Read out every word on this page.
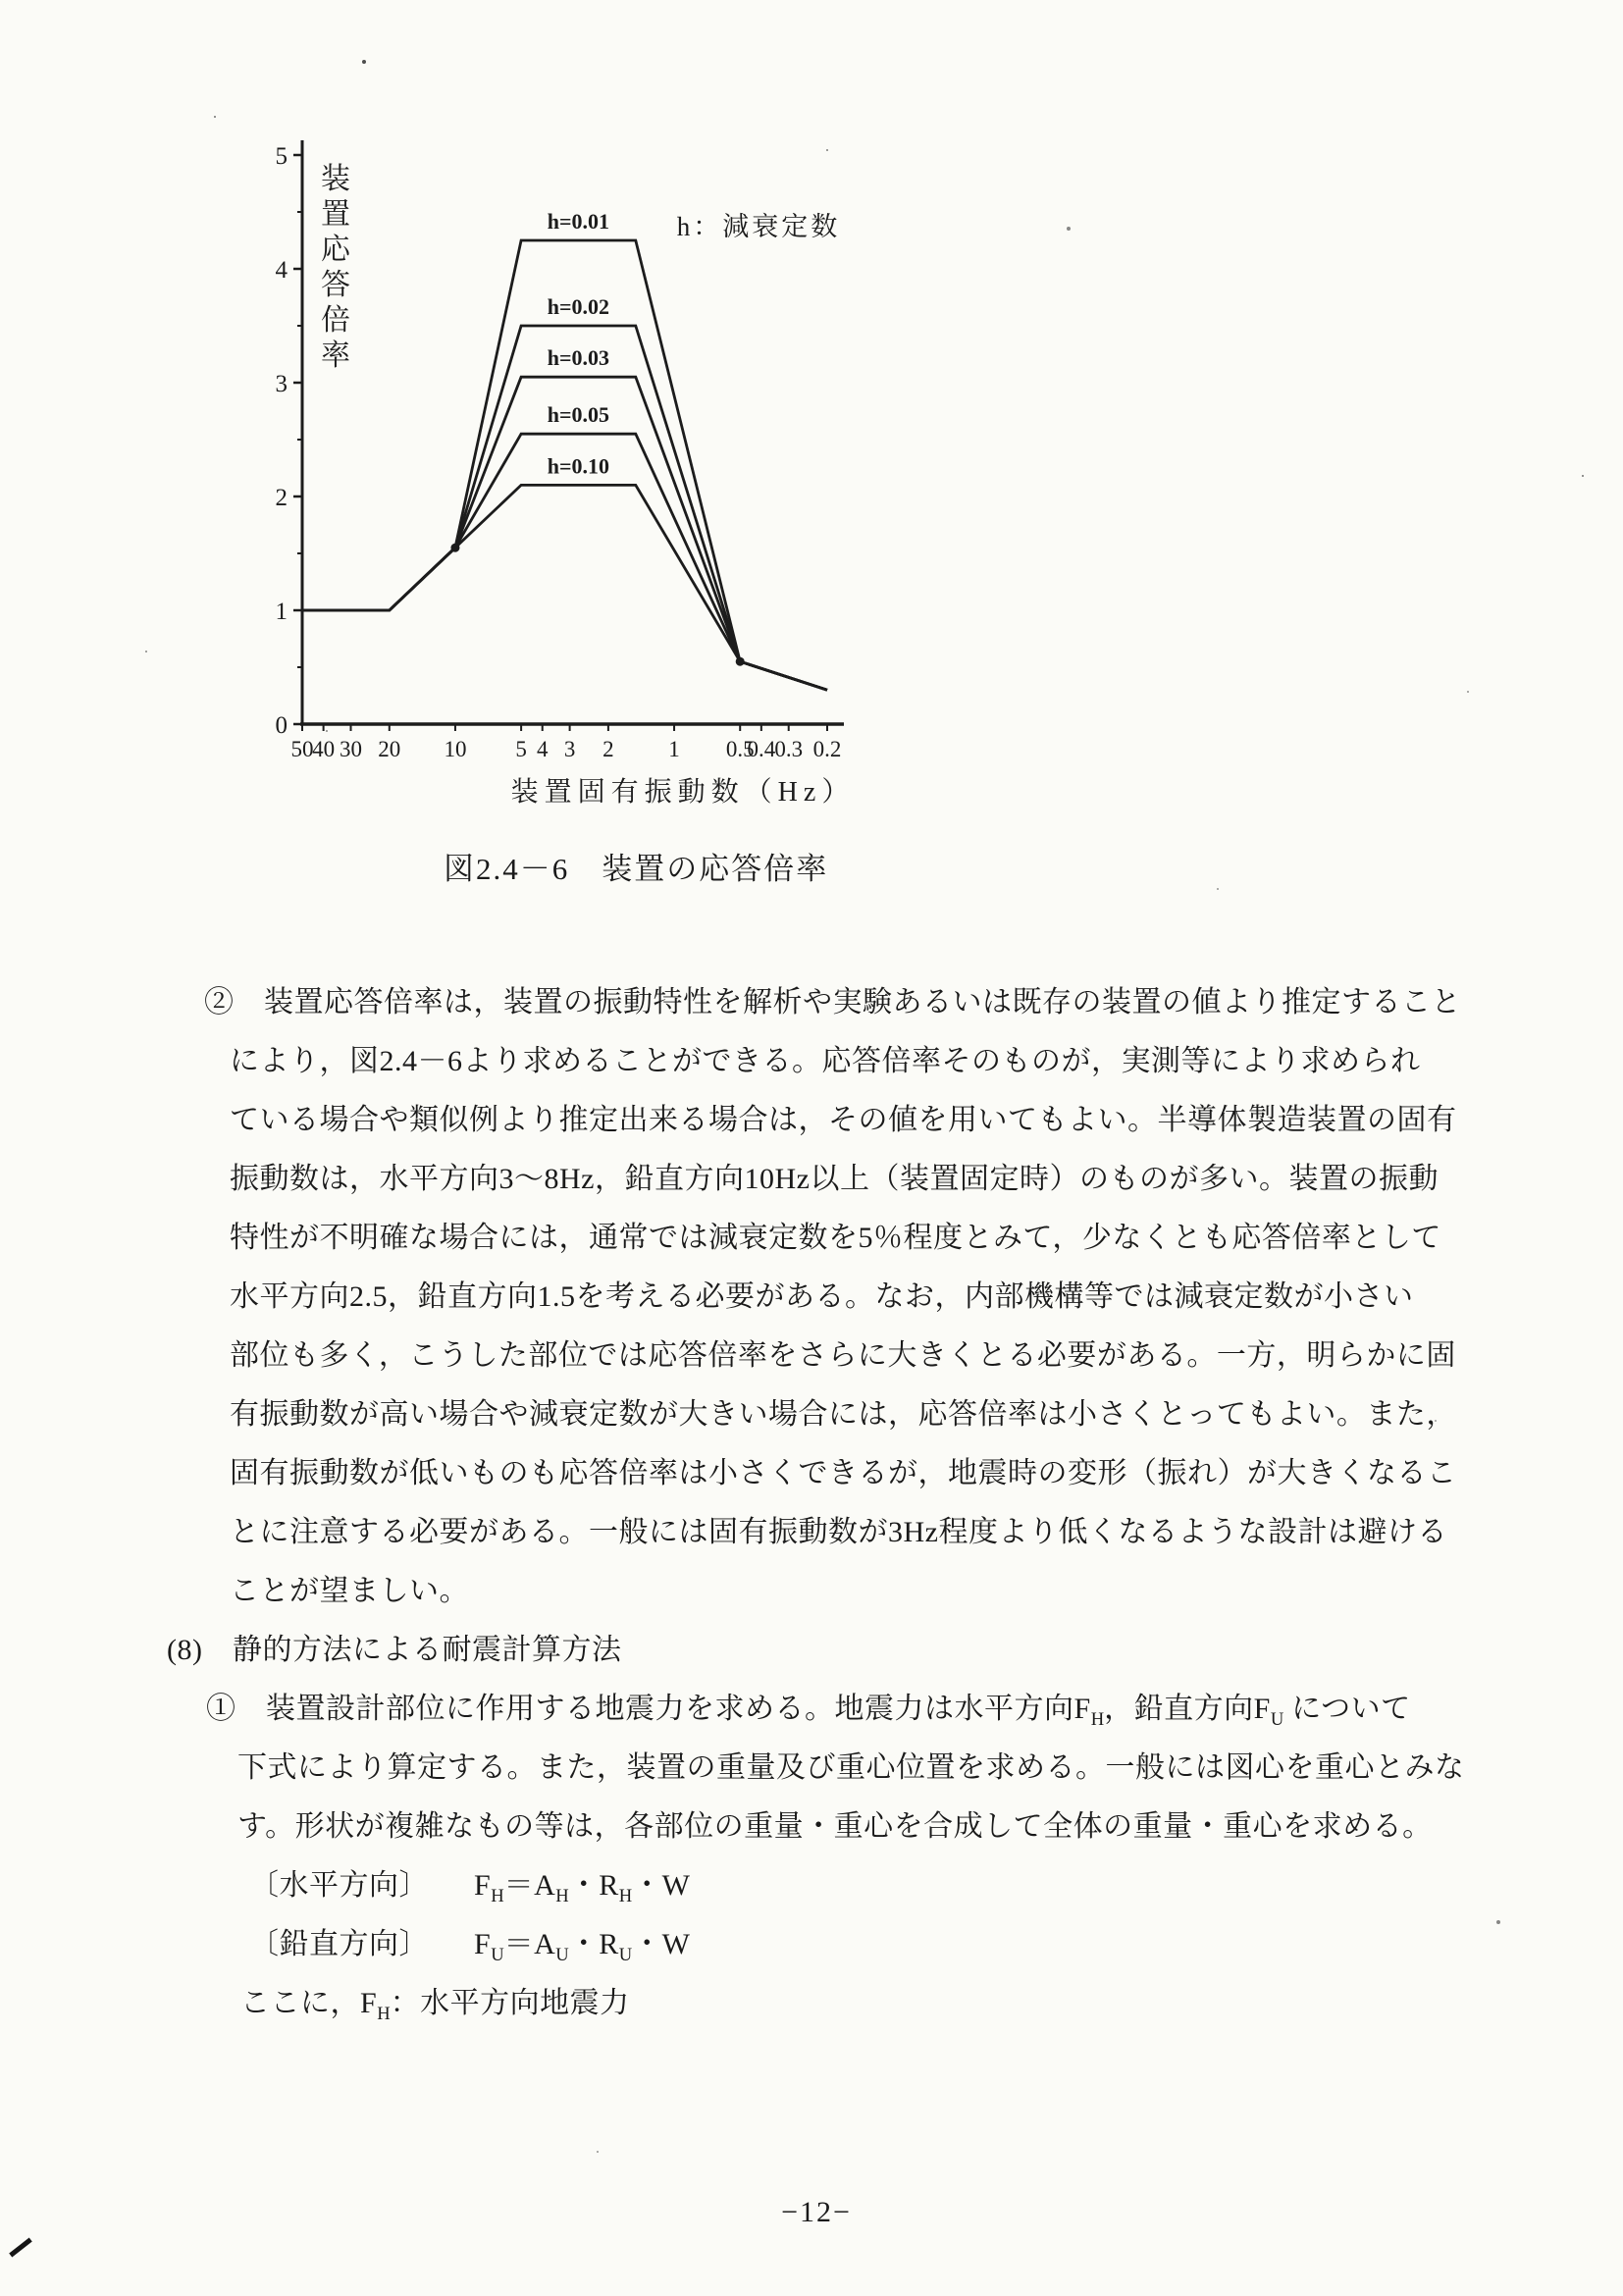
0
1
2
3
4
5
50
40 30 20 10 5 4 3 2 1 0.5
0.4 0.3 0.2
h=0.01
h=0.02
h=0.03
h=0.05
h=0.10
h：減衰定数
装置応答倍率
装置固有振動数（Hz）
図2.4－6　装置の応答倍率
②　装置応答倍率は，装置の振動特性を解析や実験あるいは既存の装置の値より推定すること
により，図2.4－6より求めることができる。応答倍率そのものが，実測等により求められ
ている場合や類似例より推定出来る場合は，その値を用いてもよい。半導体製造装置の固有
振動数は，水平方向3〜8Hz，鉛直方向10Hz以上（装置固定時）のものが多い。装置の振動
特性が不明確な場合には，通常では減衰定数を5％程度とみて，少なくとも応答倍率として
水平方向2.5，鉛直方向1.5を考える必要がある。なお，内部機構等では減衰定数が小さい
部位も多く，こうした部位では応答倍率をさらに大きくとる必要がある。一方，明らかに固
有振動数が高い場合や減衰定数が大きい場合には，応答倍率は小さくとってもよい。また，
固有振動数が低いものも応答倍率は小さくできるが，地震時の変形（振れ）が大きくなるこ
とに注意する必要がある。一般には固有振動数が3Hz程度より低くなるような設計は避ける
ことが望ましい。
(8)　静的方法による耐震計算方法
①　装置設計部位に作用する地震力を求める。地震力は水平方向$F_H$，鉛直方向$F_U$ について
下式により算定する。また，装置の重量及び重心位置を求める。一般には図心を重心とみな
す。形状が複雑なもの等は，各部位の重量・重心を合成して全体の重量・重心を求める。
〔水平方向〕　　$F_H=A_H$・$R_H$・W
〔鉛直方向〕　　$F_U=A_U$・$R_U$・W
ここに，$F_H$：水平方向地震力
−12−
